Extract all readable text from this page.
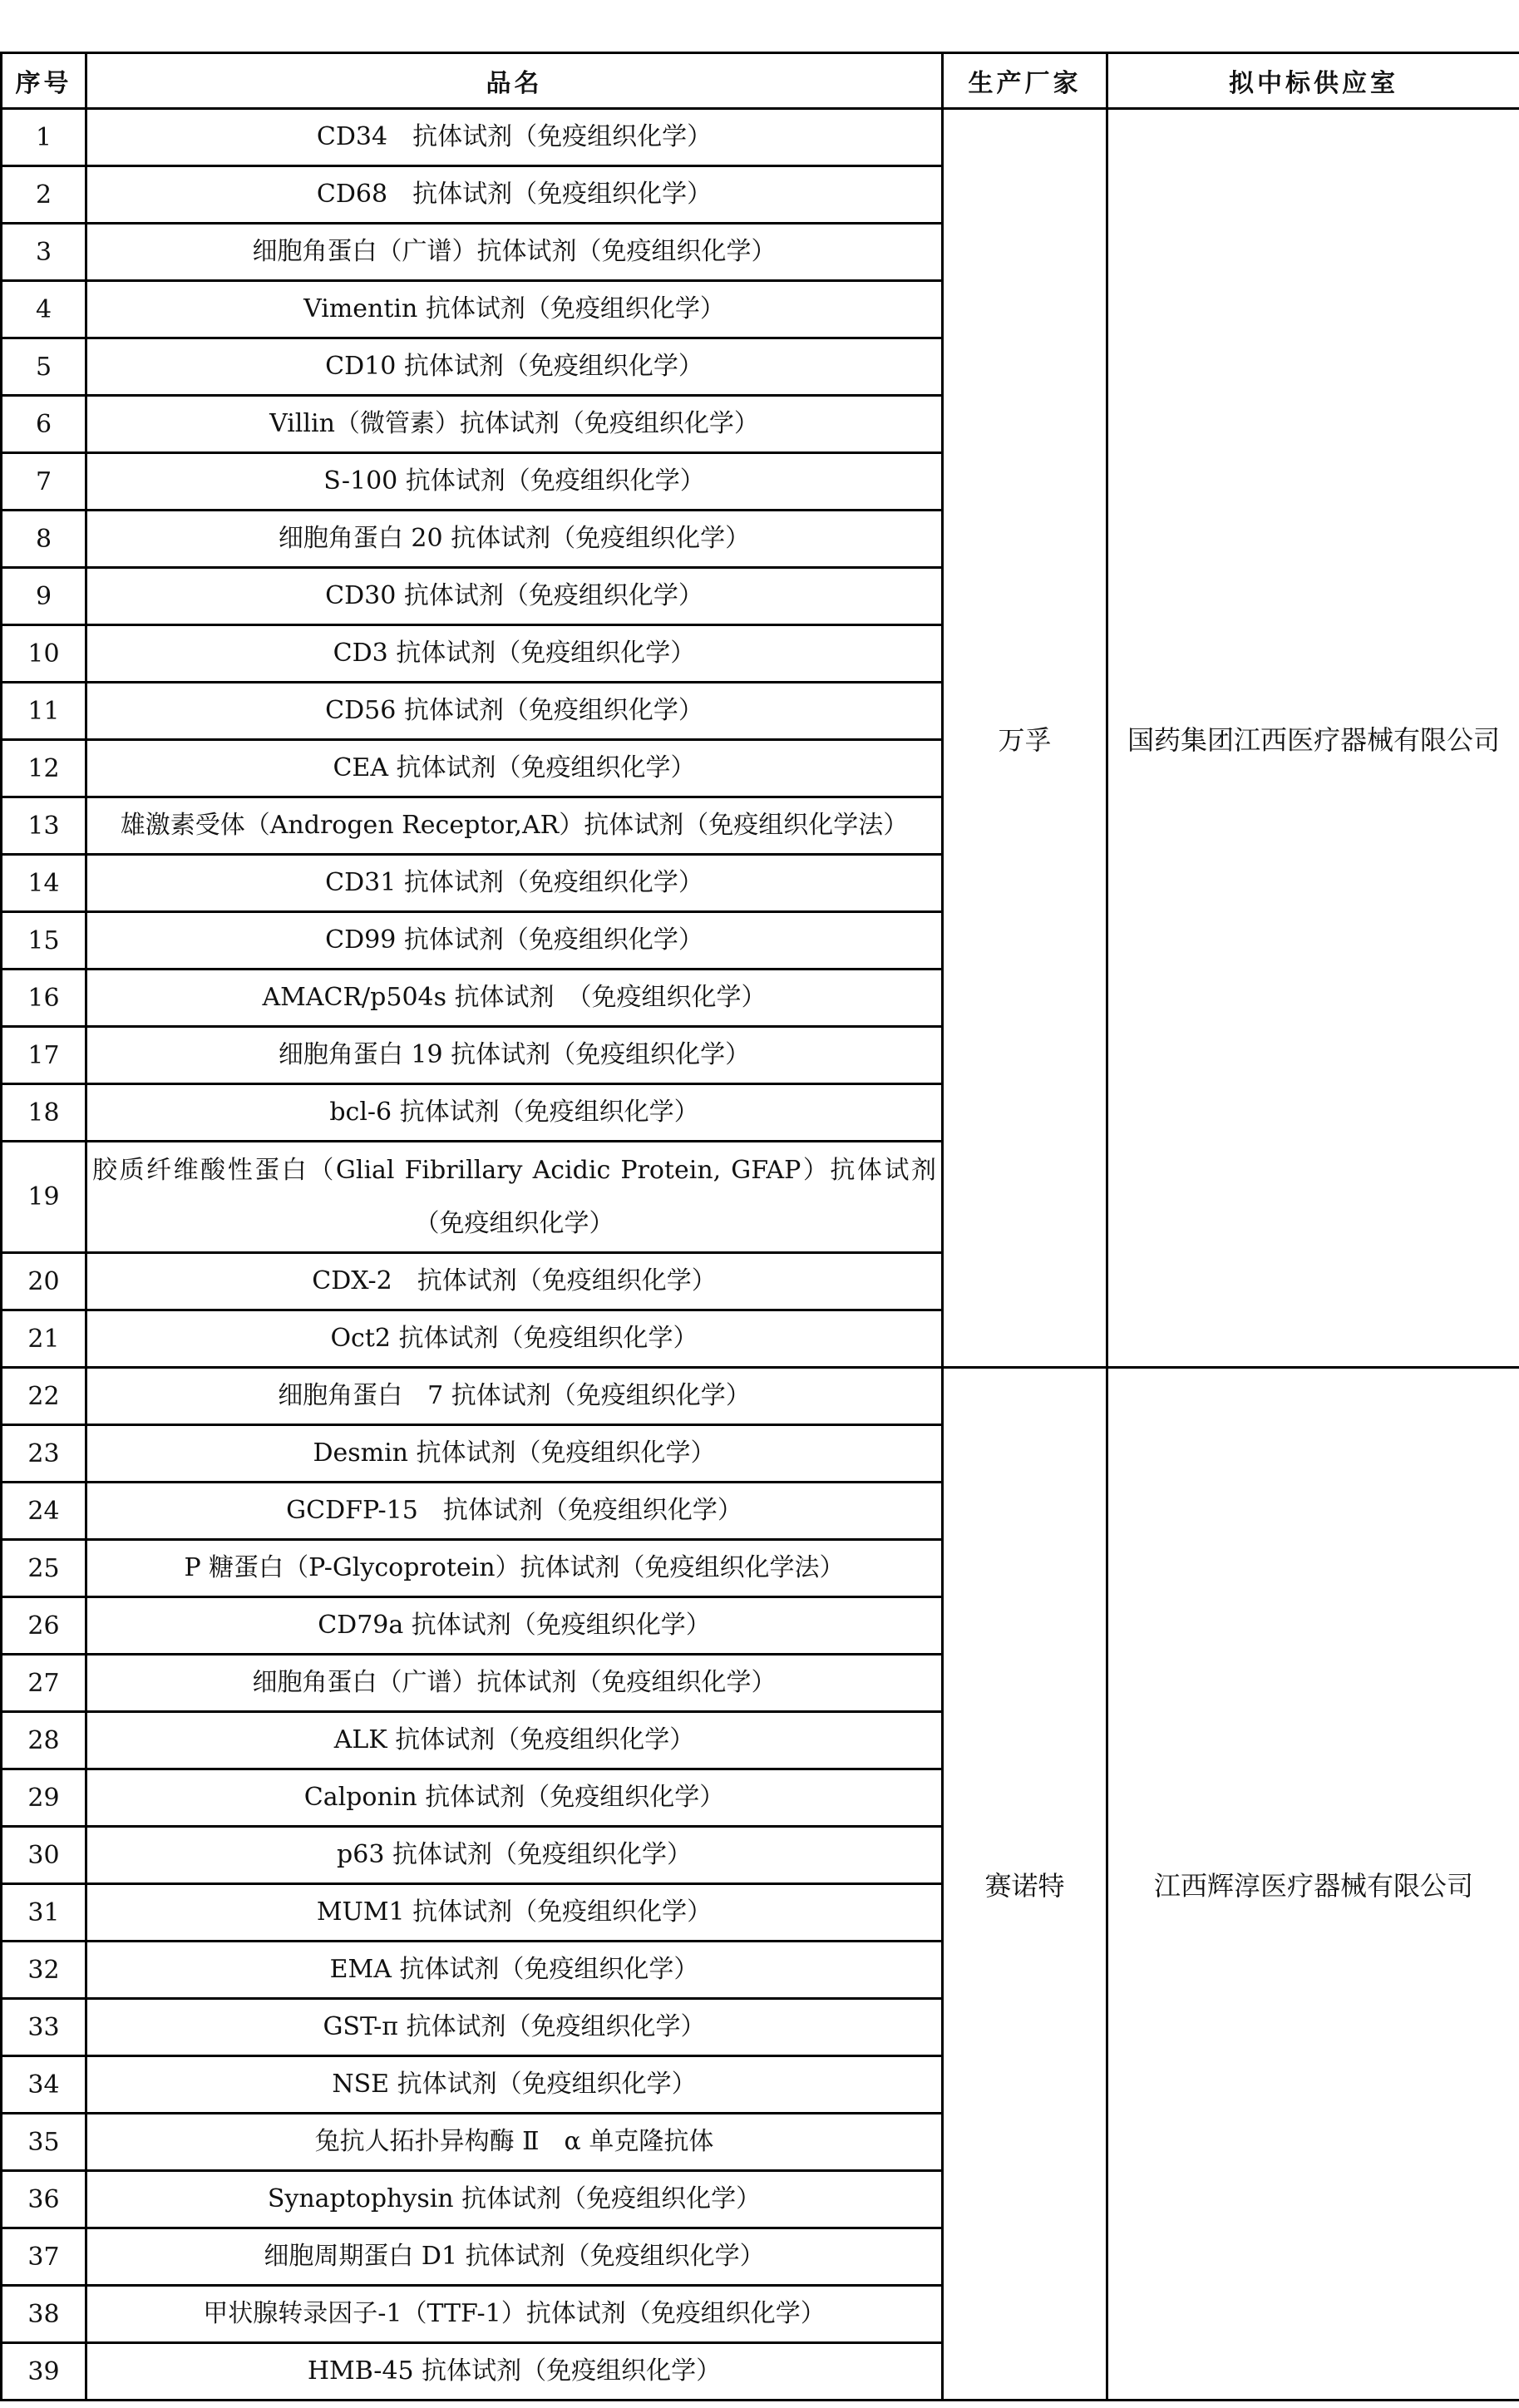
序号	品名	生产厂家	拟中标供应室
1	CD34　抗体试剂（免疫组织化学）	万孚	国药集团江西医疗器械有限公司
2	CD68　抗体试剂（免疫组织化学）		
3	细胞角蛋白（广谱）抗体试剂（免疫组织化学）		
4	Vimentin 抗体试剂（免疫组织化学）		
5	CD10 抗体试剂（免疫组织化学）		
6	Villin（微管素）抗体试剂（免疫组织化学）		
7	S-100 抗体试剂（免疫组织化学）		
8	细胞角蛋白 20 抗体试剂（免疫组织化学）		
9	CD30 抗体试剂（免疫组织化学）		
10	CD3 抗体试剂（免疫组织化学）		
11	CD56 抗体试剂（免疫组织化学）		
12	CEA 抗体试剂（免疫组织化学）		
13	雄激素受体（Androgen Receptor,AR）抗体试剂（免疫组织化学法）		
14	CD31 抗体试剂（免疫组织化学）		
15	CD99 抗体试剂（免疫组织化学）		
16	AMACR/p504s 抗体试剂　（免疫组织化学）		
17	细胞角蛋白 19 抗体试剂（免疫组织化学）		
18	bcl-6 抗体试剂（免疫组织化学）		
19	胶质纤维酸性蛋白（Glial Fibrillary Acidic Protein, GFAP）抗体试剂（免疫组织化学）		
20	CDX-2　抗体试剂（免疫组织化学）		
21	Oct2 抗体试剂（免疫组织化学）		
22	细胞角蛋白　7 抗体试剂（免疫组织化学）	赛诺特	江西辉淳医疗器械有限公司
23	Desmin 抗体试剂（免疫组织化学）		
24	GCDFP-15　抗体试剂（免疫组织化学）		
25	P 糖蛋白（P-Glycoprotein）抗体试剂（免疫组织化学法）		
26	CD79a 抗体试剂（免疫组织化学）		
27	细胞角蛋白（广谱）抗体试剂（免疫组织化学）		
28	ALK 抗体试剂（免疫组织化学）		
29	Calponin 抗体试剂（免疫组织化学）		
30	p63 抗体试剂（免疫组织化学）		
31	MUM1 抗体试剂（免疫组织化学）		
32	EMA 抗体试剂（免疫组织化学）		
33	GST-π 抗体试剂（免疫组织化学）		
34	NSE 抗体试剂（免疫组织化学）		
35	兔抗人拓扑异构酶 Ⅱ　α 单克隆抗体		
36	Synaptophysin 抗体试剂（免疫组织化学）		
37	细胞周期蛋白 D1 抗体试剂（免疫组织化学）		
38	甲状腺转录因子-1（TTF-1）抗体试剂（免疫组织化学）		
39	HMB-45 抗体试剂（免疫组织化学）		
